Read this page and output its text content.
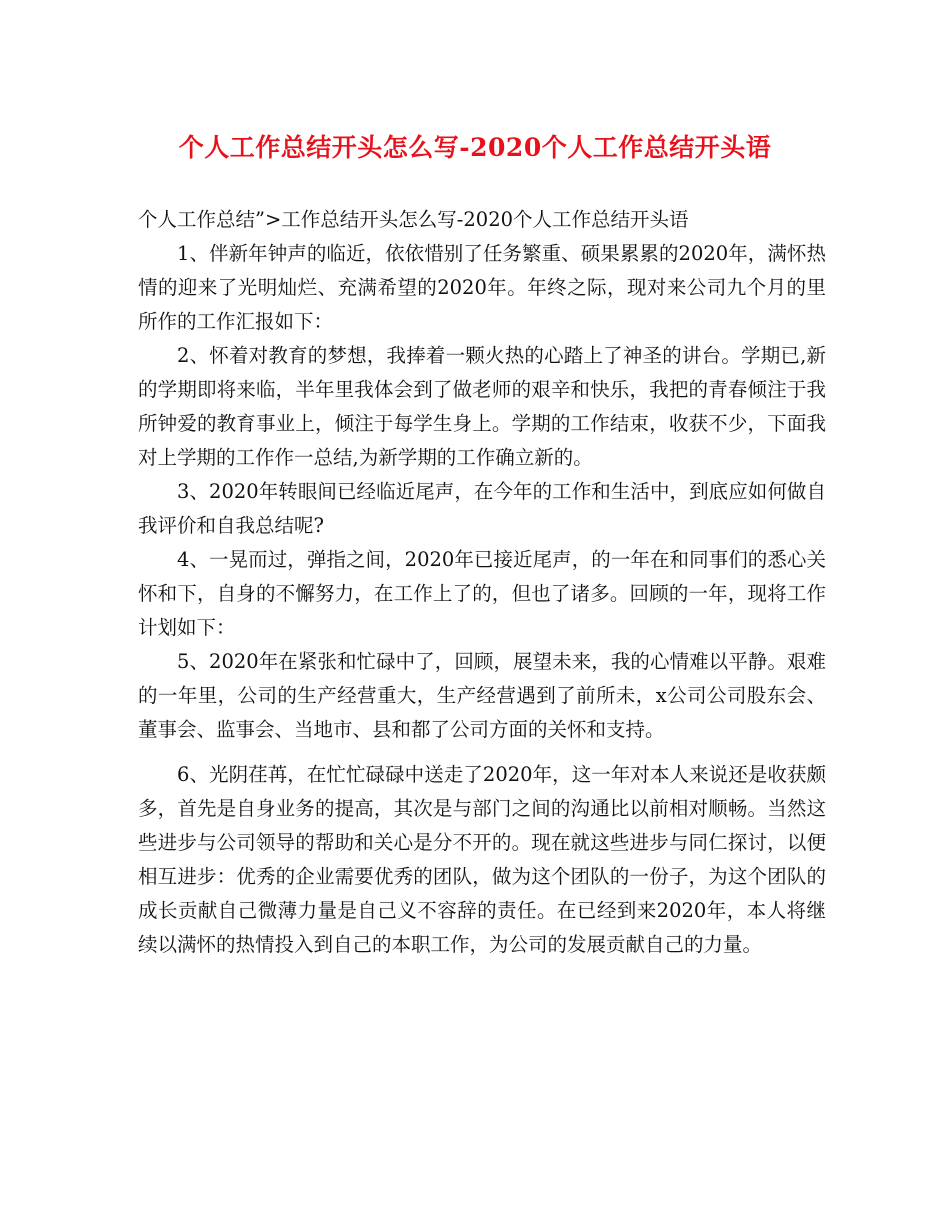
个人工作总结开头怎么写-2020个人工作总结开头语

个人工作总结”>工作总结开头怎么写-2020个人工作总结开头语

1、伴新年钟声的临近，依依惜别了任务繁重、硕果累累的2020年，满怀热情的迎来了光明灿烂、充满希望的2020年。年终之际，现对来公司九个月的里所作的工作汇报如下：

2、怀着对教育的梦想，我捧着一颗火热的心踏上了神圣的讲台。学期已,新的学期即将来临，半年里我体会到了做老师的艰辛和快乐，我把的青春倾注于我所钟爱的教育事业上，倾注于每学生身上。学期的工作结束，收获不少，下面我对上学期的工作作一总结,为新学期的工作确立新的。

3、2020年转眼间已经临近尾声，在今年的工作和生活中，到底应如何做自我评价和自我总结呢?

4、一晃而过，弹指之间，2020年已接近尾声，的一年在和同事们的悉心关怀和下，自身的不懈努力，在工作上了的，但也了诸多。回顾的一年，现将工作计划如下：

5、2020年在紧张和忙碌中了，回顾，展望未来，我的心情难以平静。艰难的一年里，公司的生产经营重大，生产经营遇到了前所未，x公司公司股东会、董事会、监事会、当地市、县和都了公司方面的关怀和支持。

6、光阴荏苒，在忙忙碌碌中送走了2020年，这一年对本人来说还是收获颇多，首先是自身业务的提高，其次是与部门之间的沟通比以前相对顺畅。当然这些进步与公司领导的帮助和关心是分不开的。现在就这些进步与同仁探讨，以便相互进步：优秀的企业需要优秀的团队，做为这个团队的一份子，为这个团队的成长贡献自己微薄力量是自己义不容辞的责任。在已经到来2020年，本人将继续以满怀的热情投入到自己的本职工作，为公司的发展贡献自己的力量。
